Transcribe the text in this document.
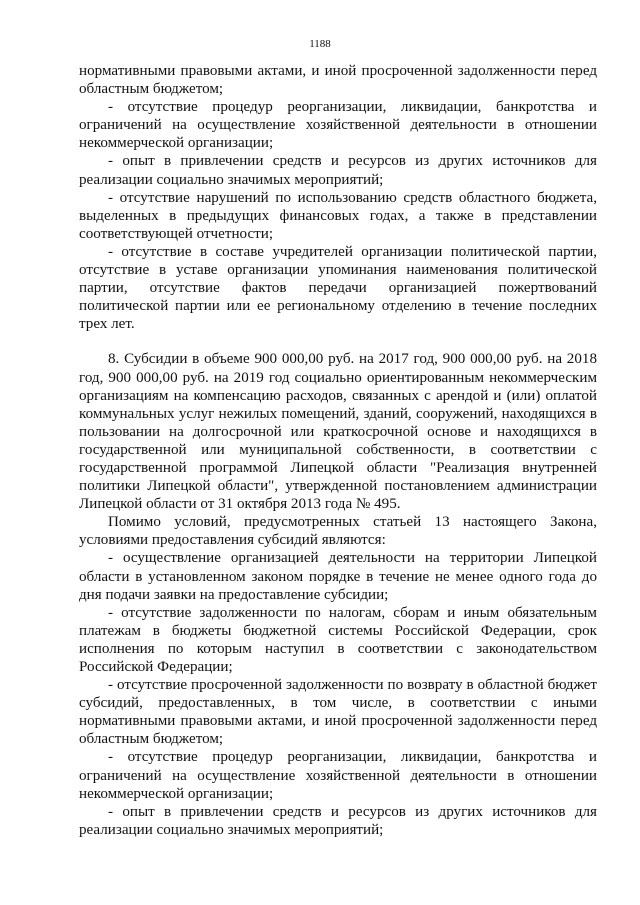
1188

нормативными правовыми актами, и иной просроченной задолженности перед областным бюджетом;

- отсутствие процедур реорганизации, ликвидации, банкротства и ограничений на осуществление хозяйственной деятельности в отношении некоммерческой организации;

- опыт в привлечении средств и ресурсов из других источников для реализации социально значимых мероприятий;

- отсутствие нарушений по использованию средств областного бюджета, выделенных в предыдущих финансовых годах, а также в представлении соответствующей отчетности;

- отсутствие в составе учредителей организации политической партии, отсутствие в уставе организации упоминания наименования политической партии, отсутствие фактов передачи организацией пожертвований политической партии или ее региональному отделению в течение последних трех лет.

8. Субсидии в объеме 900 000,00 руб. на 2017 год, 900 000,00 руб. на 2018 год, 900 000,00 руб. на 2019 год социально ориентированным некоммерческим организациям на компенсацию расходов, связанных с арендой и (или) оплатой коммунальных услуг нежилых помещений, зданий, сооружений, находящихся в пользовании на долгосрочной или краткосрочной основе и находящихся в государственной или муниципальной собственности, в соответствии с государственной программой Липецкой области "Реализация внутренней политики Липецкой области", утвержденной постановлением администрации Липецкой области от 31 октября 2013 года № 495.

Помимо условий, предусмотренных статьей 13 настоящего Закона, условиями предоставления субсидий являются:

- осуществление организацией деятельности на территории Липецкой области в установленном законом порядке в течение не менее одного года до дня подачи заявки на предоставление субсидии;

- отсутствие задолженности по налогам, сборам и иным обязательным платежам в бюджеты бюджетной системы Российской Федерации, срок исполнения по которым наступил в соответствии с законодательством Российской Федерации;

- отсутствие просроченной задолженности по возврату в областной бюджет субсидий, предоставленных, в том числе, в соответствии с иными нормативными правовыми актами, и иной просроченной задолженности перед областным бюджетом;

- отсутствие процедур реорганизации, ликвидации, банкротства и ограничений на осуществление хозяйственной деятельности в отношении некоммерческой организации;

- опыт в привлечении средств и ресурсов из других источников для реализации социально значимых мероприятий;
